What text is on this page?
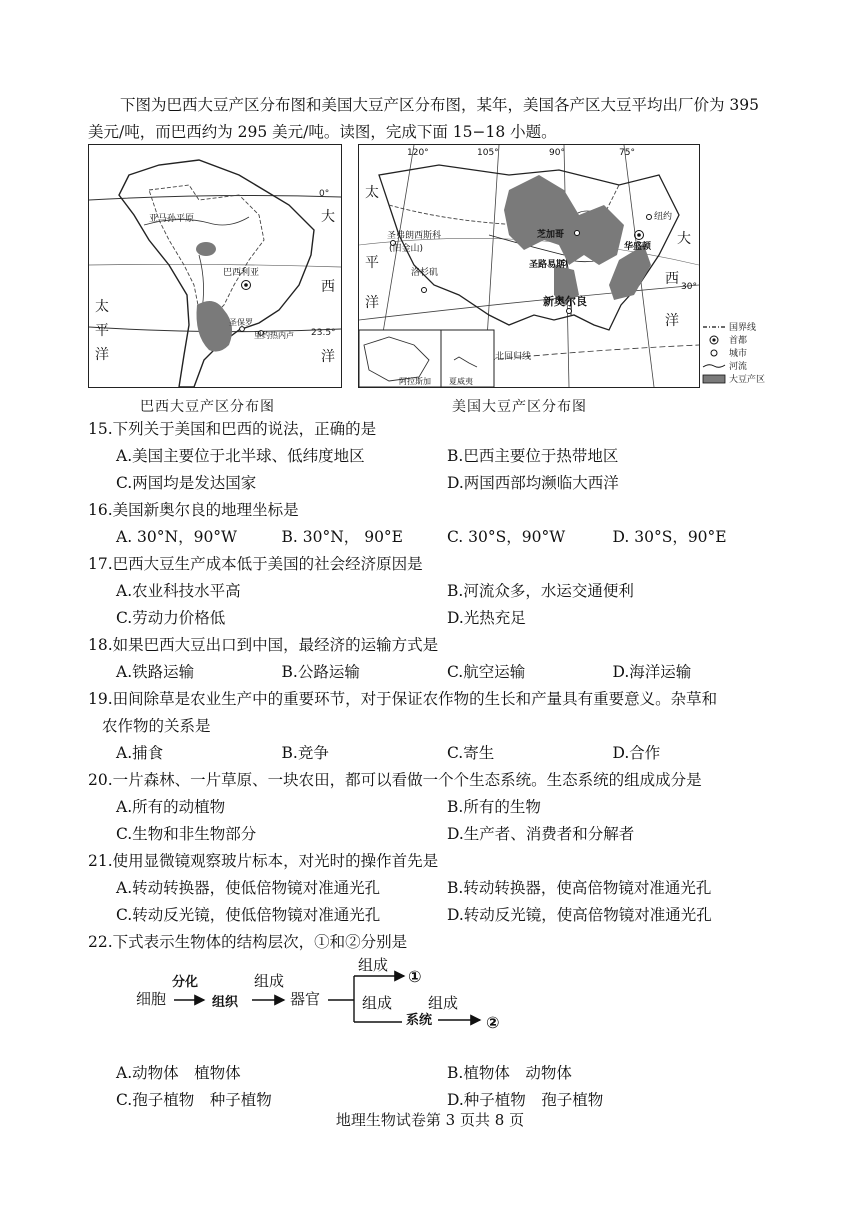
下图为巴西大豆产区分布图和美国大豆产区分布图，某年，美国各产区大豆平均出厂价为 395 美元/吨，而巴西约为 295 美元/吨。读图，完成下面 15−18 小题。
0°
23.5°
亚马孙平原
巴西利亚
圣保罗
里约热内卢
大
西
洋
太
平
洋
120°	105°	90°	75°
30°
圣弗朗西斯科
(旧金山)
洛杉矶
芝加哥
圣路易斯
新奥尔良
纽约
华盛顿
太
平
洋
大
西
洋
北回归线
阿拉斯加 夏威夷
国界线
首都
城市
河流
大豆产区
巴西大豆产区分布图	美国大豆产区分布图
15.下列关于美国和巴西的说法，正确的是
A.美国主要位于北半球、低纬度地区	B.巴西主要位于热带地区
C.两国均是发达国家	D.两国西部均濒临大西洋
16.美国新奥尔良的地理坐标是
A. 30°N，90°W	B. 30°N， 90°E	C. 30°S，90°W	D. 30°S，90°E
17.巴西大豆生产成本低于美国的社会经济原因是
A.农业科技水平高	B.河流众多，水运交通便利
C.劳动力价格低	D.光热充足
18.如果巴西大豆出口到中国，最经济的运输方式是
A.铁路运输	B.公路运输	C.航空运输	D.海洋运输
19.田间除草是农业生产中的重要环节，对于保证农作物的生长和产量具有重要意义。杂草和
农作物的关系是
A.捕食	B.竞争	C.寄生	D.合作
20.一片森林、一片草原、一块农田，都可以看做一个个生态系统。生态系统的组成成分是
A.所有的动植物	B.所有的生物
C.生物和非生物部分	D.生产者、消费者和分解者
21.使用显微镜观察玻片标本，对光时的操作首先是
A.转动转换器，使低倍物镜对准通光孔	B.转动转换器，使高倍物镜对准通光孔
C.转动反光镜，使低倍物镜对准通光孔	D.转动反光镜，使高倍物镜对准通光孔
22.下式表示生物体的结构层次，①和②分别是
细胞
分化
组织
组成
器官
组成
组成
①
系统
组成
②
A.动物体　植物体	B.植物体　动物体
C.孢子植物　种子植物	D.种子植物　孢子植物
地理生物试卷第 3 页共 8 页
